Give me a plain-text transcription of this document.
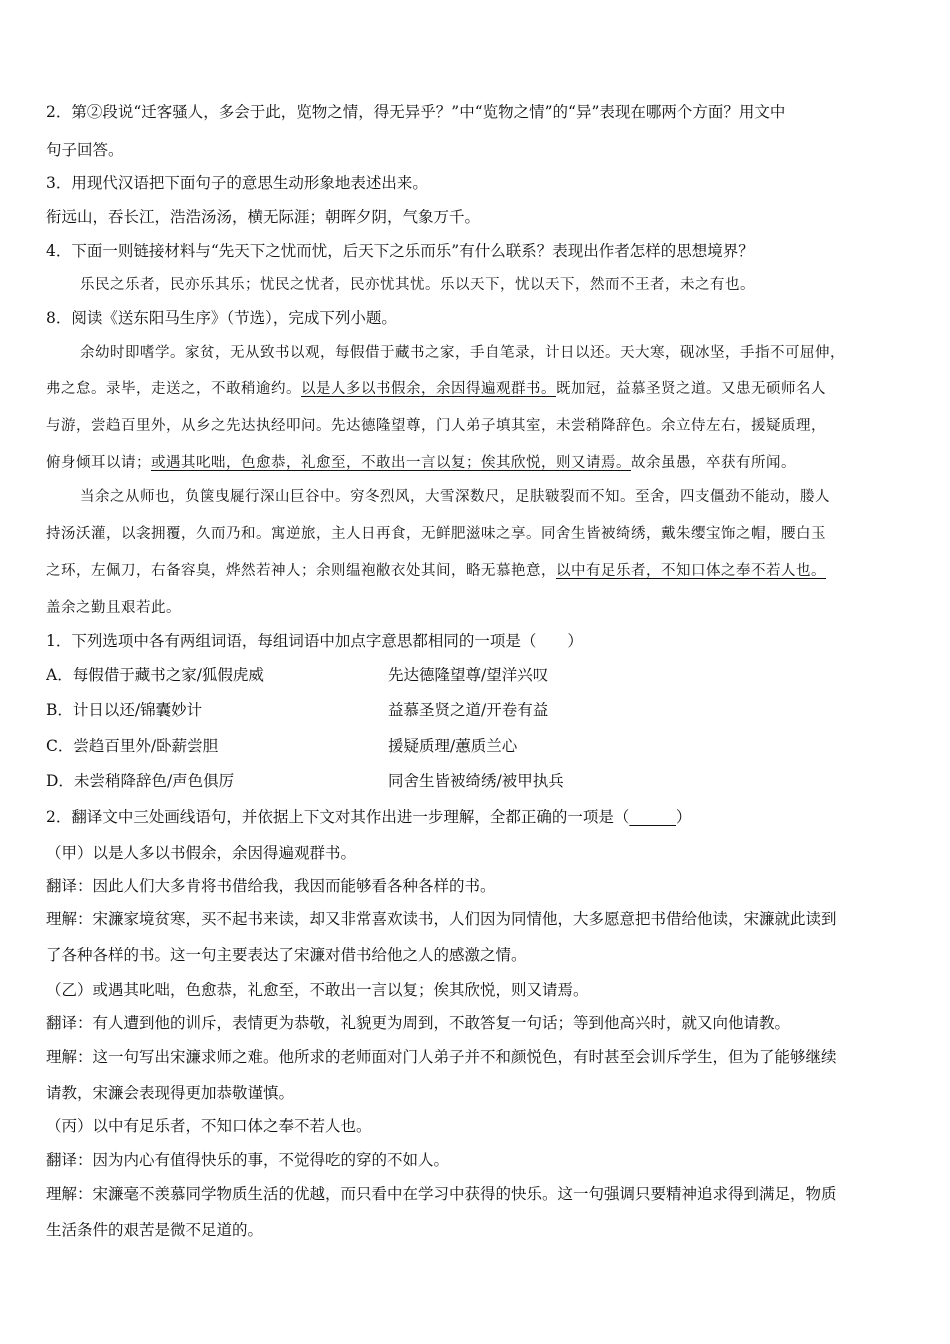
2．第②段说“迁客骚人，多会于此，览物之情，得无异乎？”中“览物之情”的“异”表现在哪两个方面？用文中
句子回答。
3．用现代汉语把下面句子的意思生动形象地表述出来。
衔远山，吞长江，浩浩汤汤，横无际涯；朝晖夕阴，气象万千。
4．下面一则链接材料与“先天下之忧而忧，后天下之乐而乐”有什么联系？表现出作者怎样的思想境界？
乐民之乐者，民亦乐其乐；忧民之忧者，民亦忧其忧。乐以天下，忧以天下，然而不王者，未之有也。
8．阅读《送东阳马生序》（节选），完成下列小题。
余幼时即嗜学。家贫，无从致书以观，每假借于藏书之家，手自笔录，计日以还。天大寒，砚冰坚，手指不可屈伸，
弗之怠。录毕，走送之，不敢稍逾约。以是人多以书假余，余因得遍观群书。既加冠，益慕圣贤之道。又患无硕师名人
与游，尝趋百里外，从乡之先达执经叩问。先达德隆望尊，门人弟子填其室，未尝稍降辞色。余立侍左右，援疑质理，
俯身倾耳以请；或遇其叱咄，色愈恭，礼愈至，不敢出一言以复；俟其欣悦，则又请焉。故余虽愚，卒获有所闻。
当余之从师也，负箧曳屣行深山巨谷中。穷冬烈风，大雪深数尺，足肤皲裂而不知。至舍，四支僵劲不能动，媵人
持汤沃灌，以衾拥覆，久而乃和。寓逆旅，主人日再食，无鲜肥滋味之享。同舍生皆被绮绣，戴朱缨宝饰之帽，腰白玉
之环，左佩刀，右备容臭，烨然若神人；余则缊袍敝衣处其间，略无慕艳意，以中有足乐者，不知口体之奉不若人也。
盖余之勤且艰若此。
1．下列选项中各有两组词语，每组词语中加点字意思都相同的一项是（　　）
A．每假借于藏书之家/狐假虎威	先达德隆望尊/望洋兴叹
B．计日以还/锦囊妙计	益慕圣贤之道/开卷有益
C．尝趋百里外/卧薪尝胆	援疑质理/蕙质兰心
D．未尝稍降辞色/声色俱厉	同舍生皆被绮绣/被甲执兵
2．翻译文中三处画线语句，并依据上下文对其作出进一步理解，全都正确的一项是（______）
（甲）以是人多以书假余，余因得遍观群书。
翻译：因此人们大多肯将书借给我，我因而能够看各种各样的书。
理解：宋濂家境贫寒，买不起书来读，却又非常喜欢读书，人们因为同情他，大多愿意把书借给他读，宋濂就此读到
了各种各样的书。这一句主要表达了宋濂对借书给他之人的感激之情。
（乙）或遇其叱咄，色愈恭，礼愈至，不敢出一言以复；俟其欣悦，则又请焉。
翻译：有人遭到他的训斥，表情更为恭敬，礼貌更为周到，不敢答复一句话；等到他高兴时，就又向他请教。
理解：这一句写出宋濂求师之难。他所求的老师面对门人弟子并不和颜悦色，有时甚至会训斥学生，但为了能够继续
请教，宋濂会表现得更加恭敬谨慎。
（丙）以中有足乐者，不知口体之奉不若人也。
翻译：因为内心有值得快乐的事，不觉得吃的穿的不如人。
理解：宋濂毫不羡慕同学物质生活的优越，而只看中在学习中获得的快乐。这一句强调只要精神追求得到满足，物质
生活条件的艰苦是微不足道的。
